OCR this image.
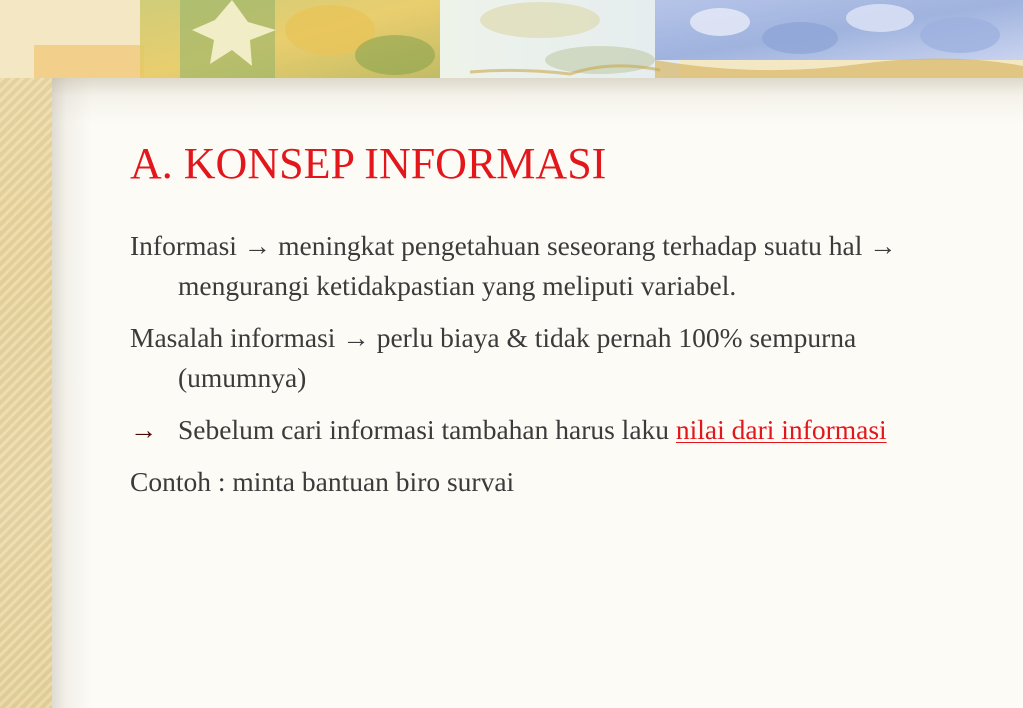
A. KONSEP INFORMASI

Informasi → meningkat pengetahuan seseorang terhadap suatu hal → mengurangi ketidakpastian yang meliputi variabel.

Masalah informasi → perlu biaya & tidak pernah 100% sempurna (umumnya)

→ Sebelum cari informasi tambahan harus laku nilai dari informasi

Contoh : minta bantuan biro survai
